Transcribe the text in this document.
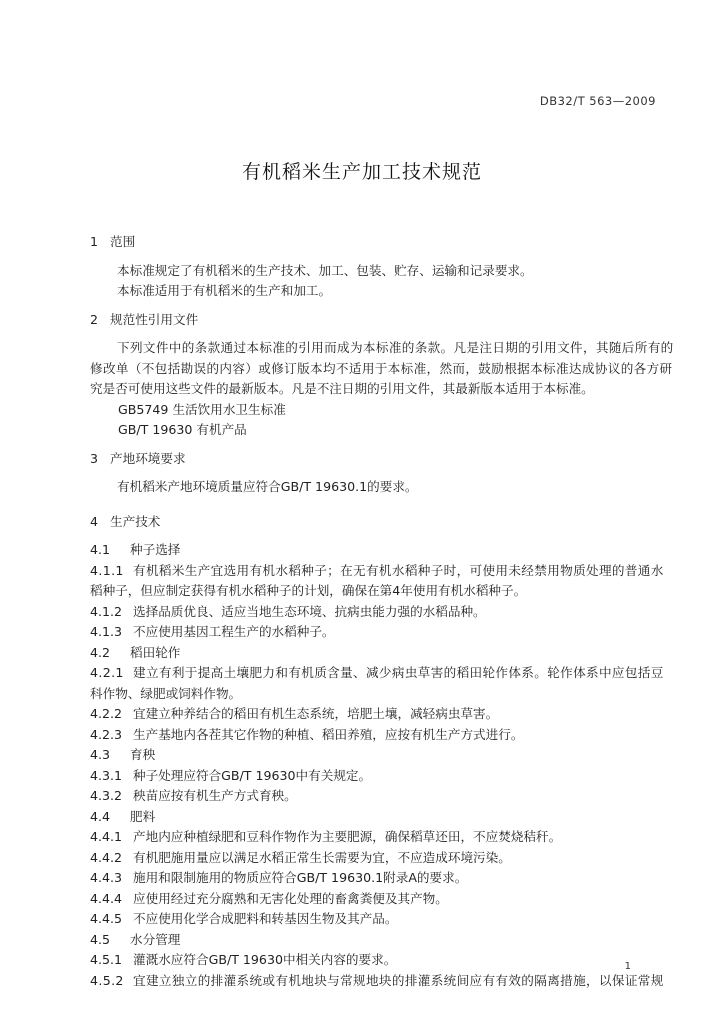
DB32/T 563—2009
有机稻米生产加工技术规范
1 范围
本标准规定了有机稻米的生产技术、加工、包装、贮存、运输和记录要求。
本标准适用于有机稻米的生产和加工。
2 规范性引用文件
下列文件中的条款通过本标准的引用而成为本标准的条款。凡是注日期的引用文件，其随后所有的
修改单（不包括勘误的内容）或修订版本均不适用于本标准，然而，鼓励根据本标准达成协议的各方研
究是否可使用这些文件的最新版本。凡是不注日期的引用文件，其最新版本适用于本标准。
GB5749 生活饮用水卫生标准
GB/T 19630 有机产品
3 产地环境要求
有机稻米产地环境质量应符合GB/T 19630.1的要求。
4 生产技术
4.1 种子选择
4.1.1 有机稻米生产宜选用有机水稻种子；在无有机水稻种子时，可使用未经禁用物质处理的普通水
稻种子，但应制定获得有机水稻种子的计划，确保在第4年使用有机水稻种子。
4.1.2 选择品质优良、适应当地生态环境、抗病虫能力强的水稻品种。
4.1.3 不应使用基因工程生产的水稻种子。
4.2 稻田轮作
4.2.1 建立有利于提高土壤肥力和有机质含量、减少病虫草害的稻田轮作体系。轮作体系中应包括豆
科作物、绿肥或饲料作物。
4.2.2 宜建立种养结合的稻田有机生态系统，培肥土壤，减轻病虫草害。
4.2.3 生产基地内各茬其它作物的种植、稻田养殖，应按有机生产方式进行。
4.3 育秧
4.3.1 种子处理应符合GB/T 19630中有关规定。
4.3.2 秧苗应按有机生产方式育秧。
4.4 肥料
4.4.1 产地内应种植绿肥和豆科作物作为主要肥源，确保稻草还田，不应焚烧秸秆。
4.4.2 有机肥施用量应以满足水稻正常生长需要为宜，不应造成环境污染。
4.4.3 施用和限制施用的物质应符合GB/T 19630.1附录A的要求。
4.4.4 应使用经过充分腐熟和无害化处理的畜禽粪便及其产物。
4.4.5 不应使用化学合成肥料和转基因生物及其产品。
4.5 水分管理
4.5.1 灌溉水应符合GB/T 19630中相关内容的要求。
4.5.2 宜建立独立的排灌系统或有机地块与常规地块的排灌系统间应有有效的隔离措施，以保证常规
1
